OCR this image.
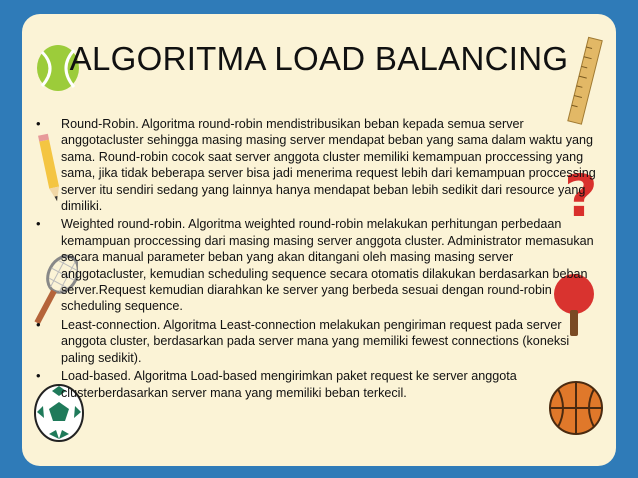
?
ALGORITMA LOAD BALANCING
• Round-Robin. Algoritma round-robin mendistribusikan beban kepada semua server anggotacluster sehingga masing masing server mendapat beban yang sama dalam waktu yang sama. Round-robin cocok saat server anggota cluster memiliki kemampuan proccessing yang sama, jika tidak beberapa server bisa jadi menerima request lebih dari kemampuan proccessing server itu sendiri sedang yang lainnya hanya mendapat beban lebih sedikit dari resource yang dimiliki.
• Weighted round-robin. Algoritma weighted round-robin melakukan perhitungan perbedaan kemampuan proccessing dari masing masing server anggota cluster. Administrator memasukan secara manual parameter beban yang akan ditangani oleh masing masing server anggotacluster, kemudian scheduling sequence secara otomatis dilakukan berdasarkan beban server.Request kemudian diarahkan ke server yang berbeda sesuai dengan round-robin scheduling sequence.
• Least-connection. Algoritma Least-connection melakukan pengiriman request pada server anggota cluster, berdasarkan pada server mana yang memiliki fewest connections (koneksi paling sedikit).
• Load-based. Algoritma Load-based mengirimkan paket request ke server anggota clusterberdasarkan server mana yang memiliki beban terkecil.
